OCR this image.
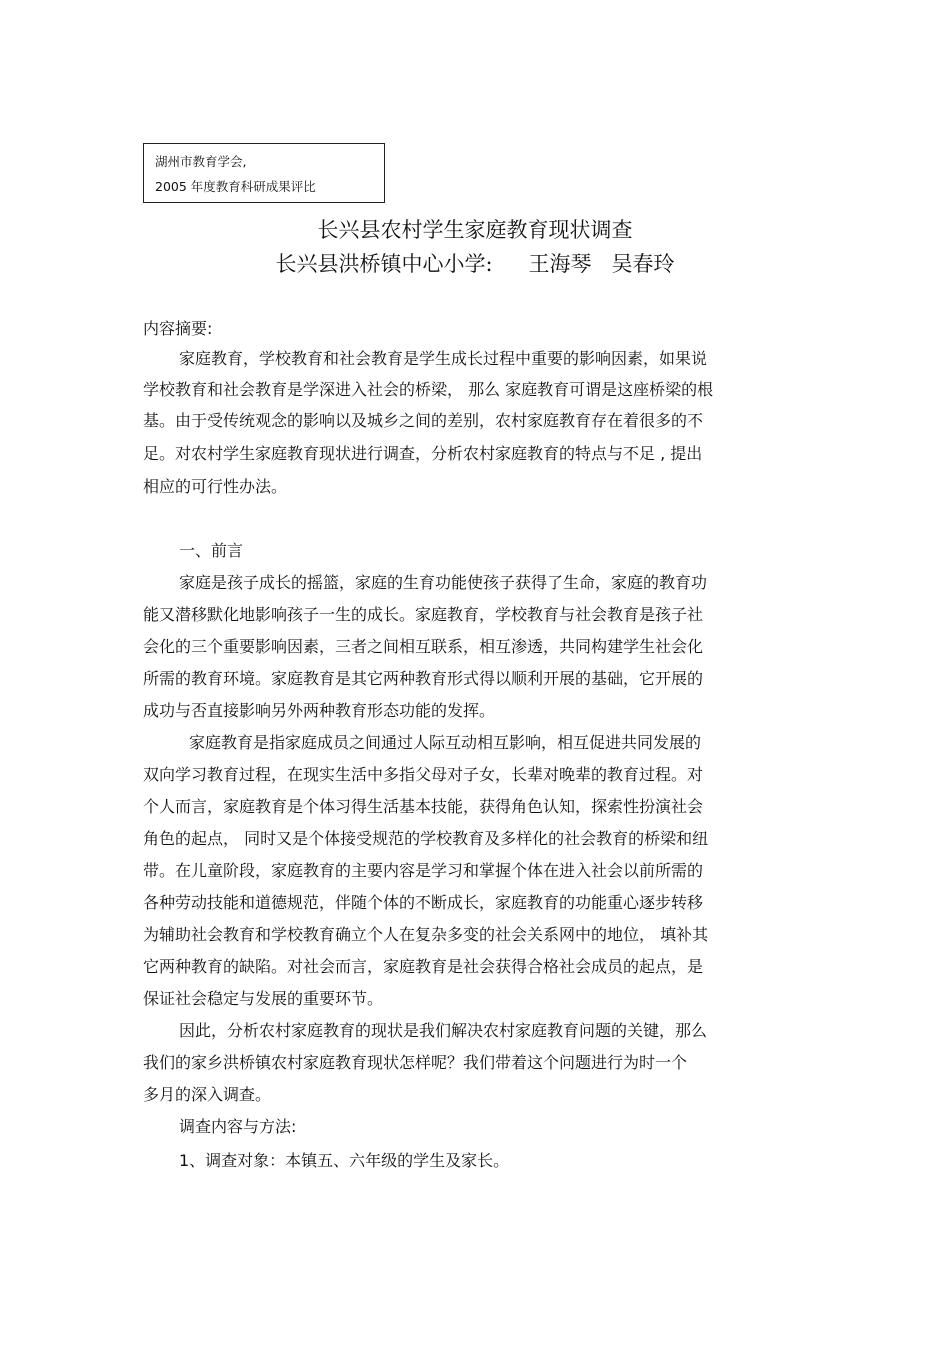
湖州市教育学会,
2005 年度教育科研成果评比
长兴县农村学生家庭教育现状调查
长兴县洪桥镇中心小学: 王海琴 吴春玲
内容摘要:
家庭教育，学校教育和社会教育是学生成长过程中重要的影响因素，如果说
学校教育和社会教育是学深进入社会的桥梁， 那么 家庭教育可谓是这座桥梁的根
基。由于受传统观念的影响以及城乡之间的差别，农村家庭教育存在着很多的不
足。对农村学生家庭教育现状进行调查，分析农村家庭教育的特点与不足 , 提出
相应的可行性办法。
一、前言
家庭是孩子成长的摇篮，家庭的生育功能使孩子获得了生命，家庭的教育功
能又潜移默化地影响孩子一生的成长。家庭教育，学校教育与社会教育是孩子社
会化的三个重要影响因素，三者之间相互联系，相互渗透，共同构建学生社会化
所需的教育环境。家庭教育是其它两种教育形式得以顺利开展的基础，它开展的
成功与否直接影响另外两种教育形态功能的发挥。
家庭教育是指家庭成员之间通过人际互动相互影响，相互促进共同发展的
双向学习教育过程，在现实生活中多指父母对子女，长辈对晚辈的教育过程。对
个人而言，家庭教育是个体习得生活基本技能，获得角色认知，探索性扮演社会
角色的起点， 同时又是个体接受规范的学校教育及多样化的社会教育的桥梁和纽
带。在儿童阶段，家庭教育的主要内容是学习和掌握个体在进入社会以前所需的
各种劳动技能和道德规范，伴随个体的不断成长，家庭教育的功能重心逐步转移
为辅助社会教育和学校教育确立个人在复杂多变的社会关系网中的地位， 填补其
它两种教育的缺陷。对社会而言，家庭教育是社会获得合格社会成员的起点，是
保证社会稳定与发展的重要环节。
因此，分析农村家庭教育的现状是我们解决农村家庭教育问题的关键，那么
我们的家乡洪桥镇农村家庭教育现状怎样呢？我们带着这个问题进行为时一个
多月的深入调查。
调查内容与方法:
1、调查对象：本镇五、六年级的学生及家长。
